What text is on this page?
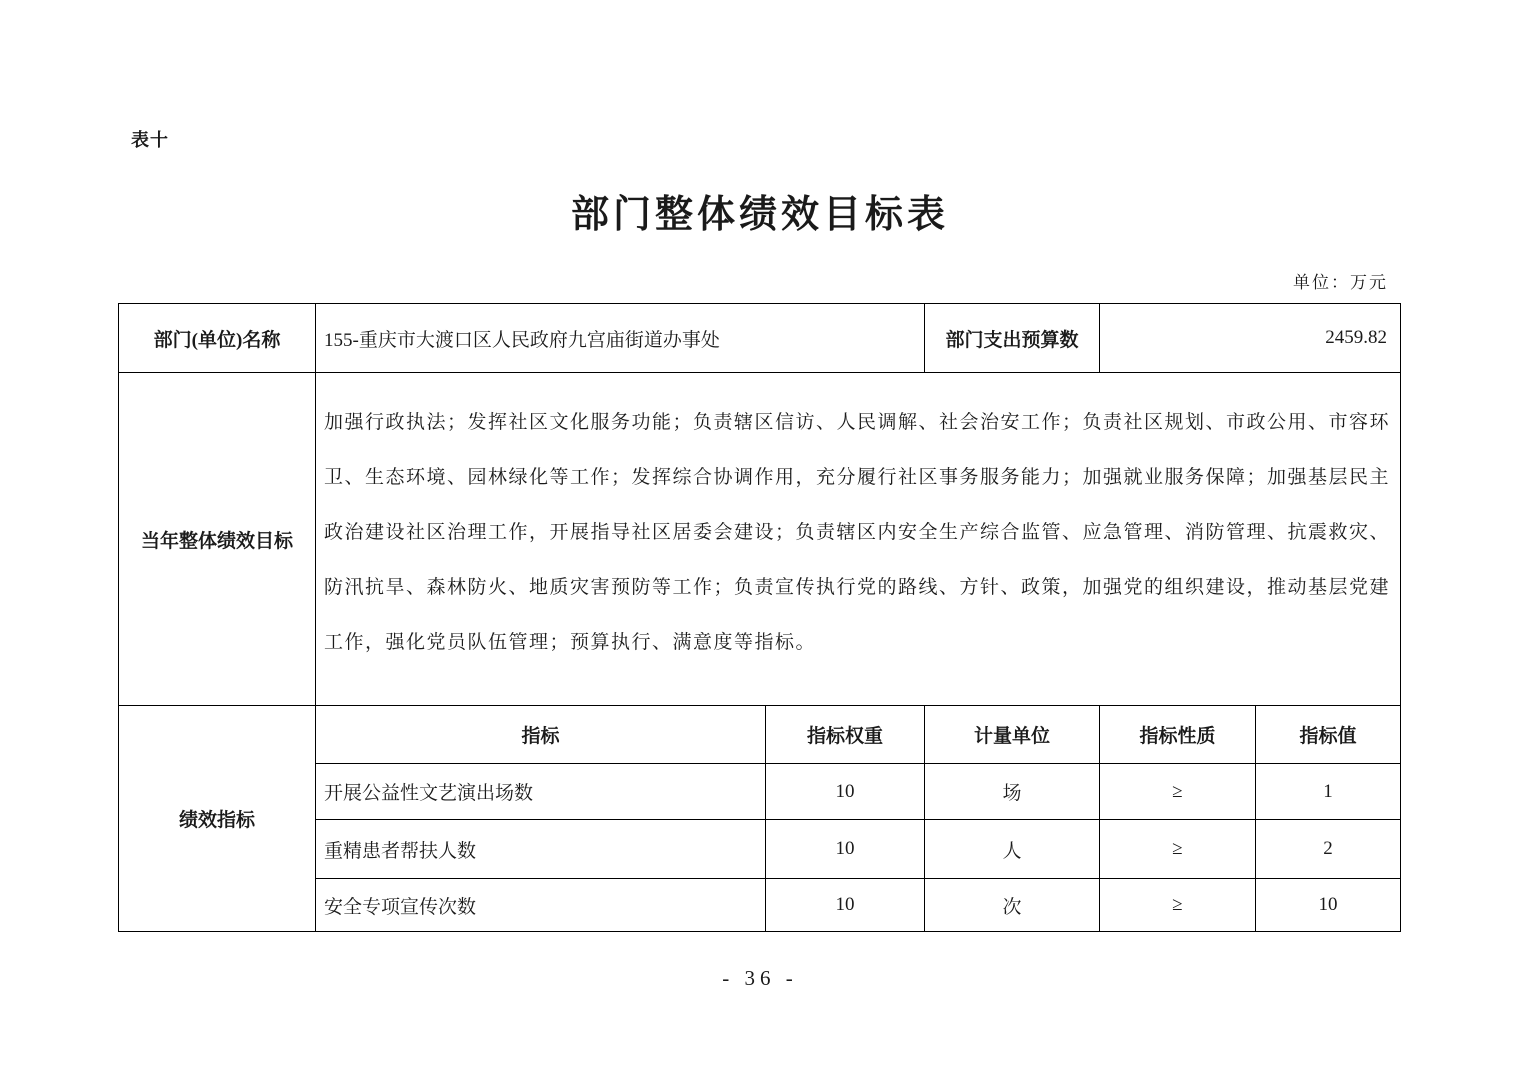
表十
部门整体绩效目标表
单位：万元
部门(单位)名称	155-重庆市大渡口区人民政府九宫庙街道办事处		部门支出预算数	2459.82	
当年整体绩效目标	加强行政执法；发挥社区文化服务功能；负责辖区信访、人民调解、社会治安工作；负责社区规划、市政公用、市容环卫、生态环境、园林绿化等工作；发挥综合协调作用，充分履行社区事务服务能力；加强就业服务保障；加强基层民主政治建设社区治理工作，开展指导社区居委会建设；负责辖区内安全生产综合监管、应急管理、消防管理、抗震救灾、防汛抗旱、森林防火、地质灾害预防等工作；负责宣传执行党的路线、方针、政策，加强党的组织建设，推动基层党建工作，强化党员队伍管理；预算执行、满意度等指标。				
绩效指标	指标	指标权重	计量单位	指标性质	指标值
	开展公益性文艺演出场数	10	场	≥	1
	重精患者帮扶人数	10	人	≥	2
	安全专项宣传次数	10	次	≥	10
- 36 -
